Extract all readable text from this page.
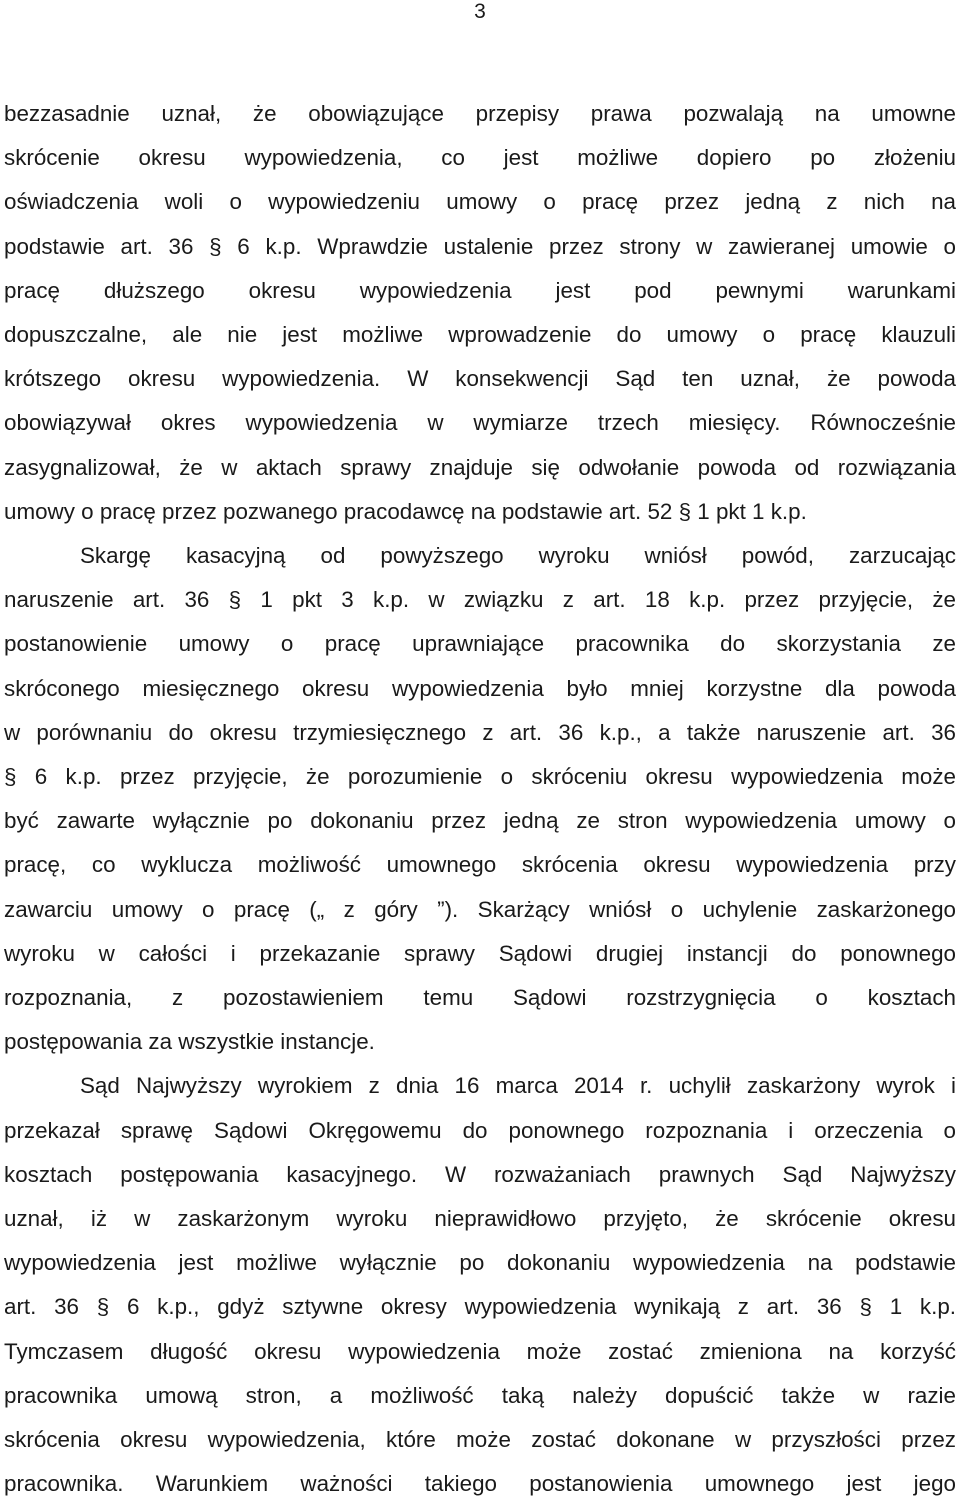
3
bezzasadnie uznał, że obowiązujące przepisy prawa pozwalają na umowne
skrócenie okresu wypowiedzenia, co jest możliwe dopiero po złożeniu
oświadczenia woli o wypowiedzeniu umowy o pracę przez jedną z nich na
podstawie art. 36 § 6 k.p. Wprawdzie ustalenie przez strony w zawieranej umowie o
pracę dłuższego okresu wypowiedzenia jest pod pewnymi warunkami
dopuszczalne, ale nie jest możliwe wprowadzenie do umowy o pracę klauzuli
krótszego okresu wypowiedzenia. W konsekwencji Sąd ten uznał, że powoda
obowiązywał okres wypowiedzenia w wymiarze trzech miesięcy. Równocześnie
zasygnalizował, że w aktach sprawy znajduje się odwołanie powoda od rozwiązania
umowy o pracę przez pozwanego pracodawcę na podstawie art. 52 § 1 pkt 1 k.p.
Skargę kasacyjną od powyższego wyroku wniósł powód, zarzucając
naruszenie art. 36 § 1 pkt 3 k.p. w związku z art. 18 k.p. przez przyjęcie, że
postanowienie umowy o pracę uprawniające pracownika do skorzystania ze
skróconego miesięcznego okresu wypowiedzenia było mniej korzystne dla powoda
w porównaniu do okresu trzymiesięcznego z art. 36 k.p., a także naruszenie art. 36
§ 6 k.p. przez przyjęcie, że porozumienie o skróceniu okresu wypowiedzenia może
być zawarte wyłącznie po dokonaniu przez jedną ze stron wypowiedzenia umowy o
pracę, co wyklucza możliwość umownego skrócenia okresu wypowiedzenia przy
zawarciu umowy o pracę („ z góry ”). Skarżący wniósł o uchylenie zaskarżonego
wyroku w całości i przekazanie sprawy Sądowi drugiej instancji do ponownego
rozpoznania, z pozostawieniem temu Sądowi rozstrzygnięcia o kosztach
postępowania za wszystkie instancje.
Sąd Najwyższy wyrokiem z dnia 16 marca 2014 r. uchylił zaskarżony wyrok i
przekazał sprawę Sądowi Okręgowemu do ponownego rozpoznania i orzeczenia o
kosztach postępowania kasacyjnego. W rozważaniach prawnych Sąd Najwyższy
uznał, iż w zaskarżonym wyroku nieprawidłowo przyjęto, że skrócenie okresu
wypowiedzenia jest możliwe wyłącznie po dokonaniu wypowiedzenia na podstawie
art. 36 § 6 k.p., gdyż sztywne okresy wypowiedzenia wynikają z art. 36 § 1 k.p.
Tymczasem długość okresu wypowiedzenia może zostać zmieniona na korzyść
pracownika umową stron, a możliwość taką należy dopuścić także w razie
skrócenia okresu wypowiedzenia, które może zostać dokonane w przyszłości przez
pracownika. Warunkiem ważności takiego postanowienia umownego jest jego
